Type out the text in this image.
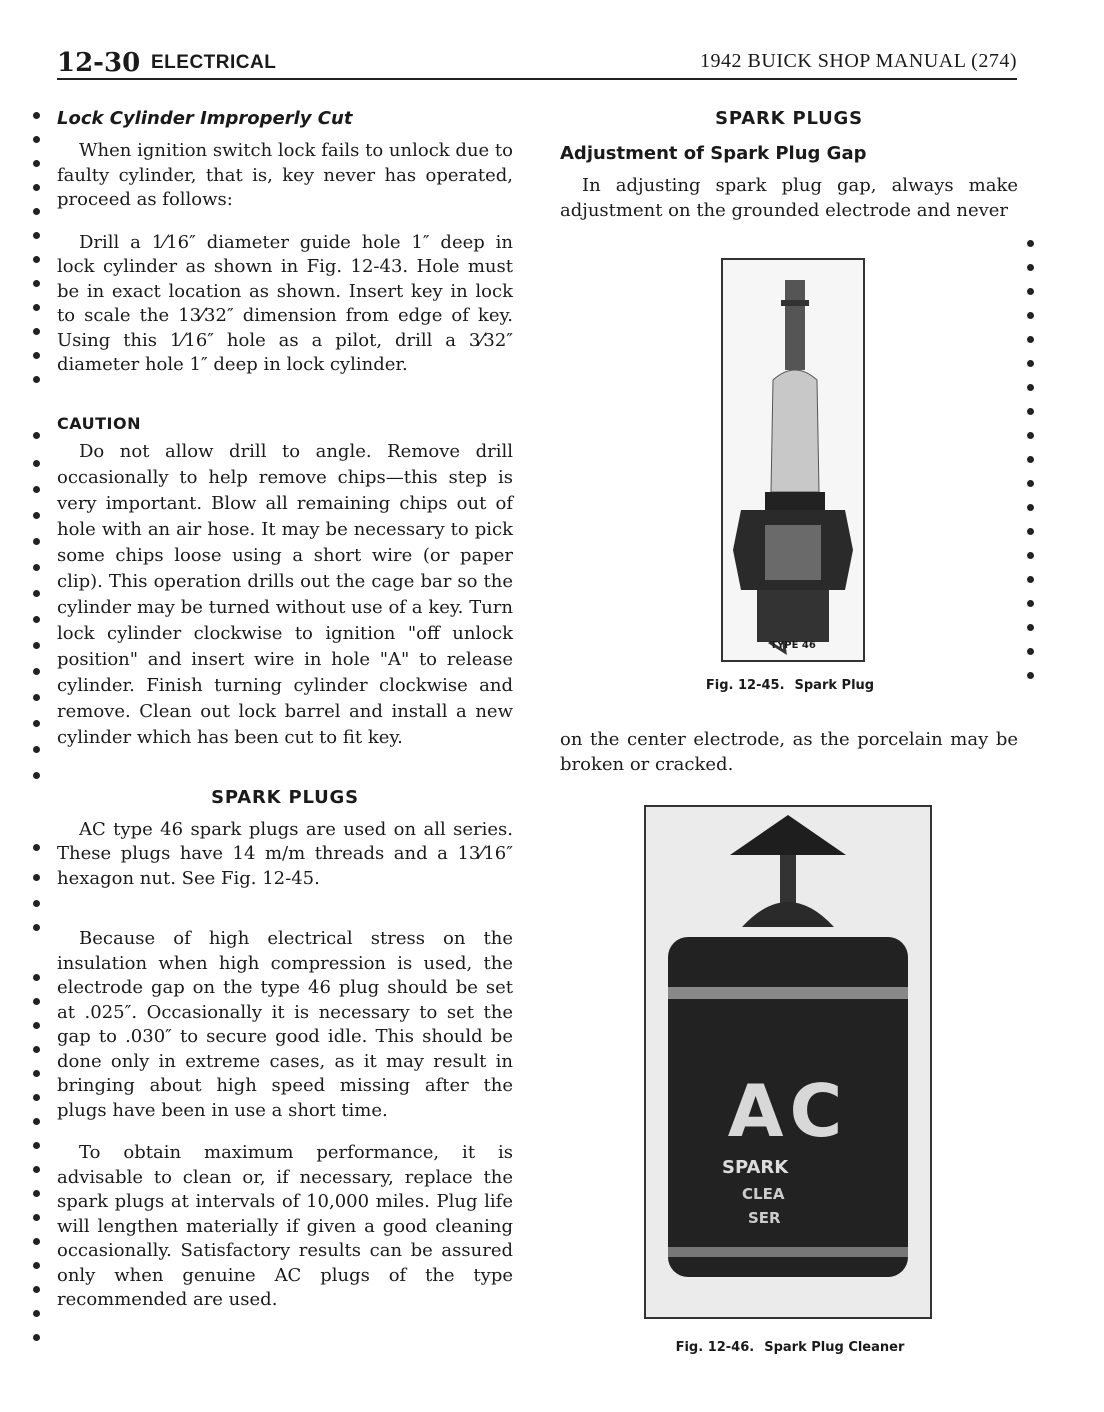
12-30 ELECTRICAL	1942 BUICK SHOP MANUAL (274)
Lock Cylinder Improperly Cut

When ignition switch lock fails to unlock due to faulty cylinder, that is, key never has operated, proceed as follows:

Drill a 1⁄16″ diameter guide hole 1″ deep in lock cylinder as shown in Fig. 12-43. Hole must be in exact location as shown. Insert key in lock to scale the 13⁄32″ dimension from edge of key. Using this 1⁄16″ hole as a pilot, drill a 3⁄32″ diameter hole 1″ deep in lock cylinder.

CAUTION

Do not allow drill to angle. Remove drill occasionally to help remove chips—this step is very important. Blow all remaining chips out of hole with an air hose. It may be necessary to pick some chips loose using a short wire (or paper clip). This operation drills out the cage bar so the cylinder may be turned without use of a key. Turn lock cylinder clockwise to ignition "off unlock position" and insert wire in hole "A" to release cylinder. Finish turning cylinder clockwise and remove. Clean out lock barrel and install a new cylinder which has been cut to fit key.

SPARK PLUGS

AC type 46 spark plugs are used on all series. These plugs have 14 m/m threads and a 13⁄16″ hexagon nut. See Fig. 12-45.

Because of high electrical stress on the insulation when high compression is used, the electrode gap on the type 46 plug should be set at .025″. Occasionally it is necessary to set the gap to .030″ to secure good idle. This should be done only in extreme cases, as it may result in bringing about high speed missing after the plugs have been in use a short time.

To obtain maximum performance, it is advisable to clean or, if necessary, replace the spark plugs at intervals of 10,000 miles. Plug life will lengthen materially if given a good cleaning occasionally. Satisfactory results can be assured only when genuine AC plugs of the type recommended are used.

SPARK PLUGS
Adjustment of Spark Plug Gap

In adjusting spark plug gap, always make adjustment on the grounded electrode and never

TYPE 46
Fig. 12-45. Spark Plug

on the center electrode, as the porcelain may be broken or cracked.

AC
SPARK
CLEA
SER
Fig. 12-46. Spark Plug Cleaner
